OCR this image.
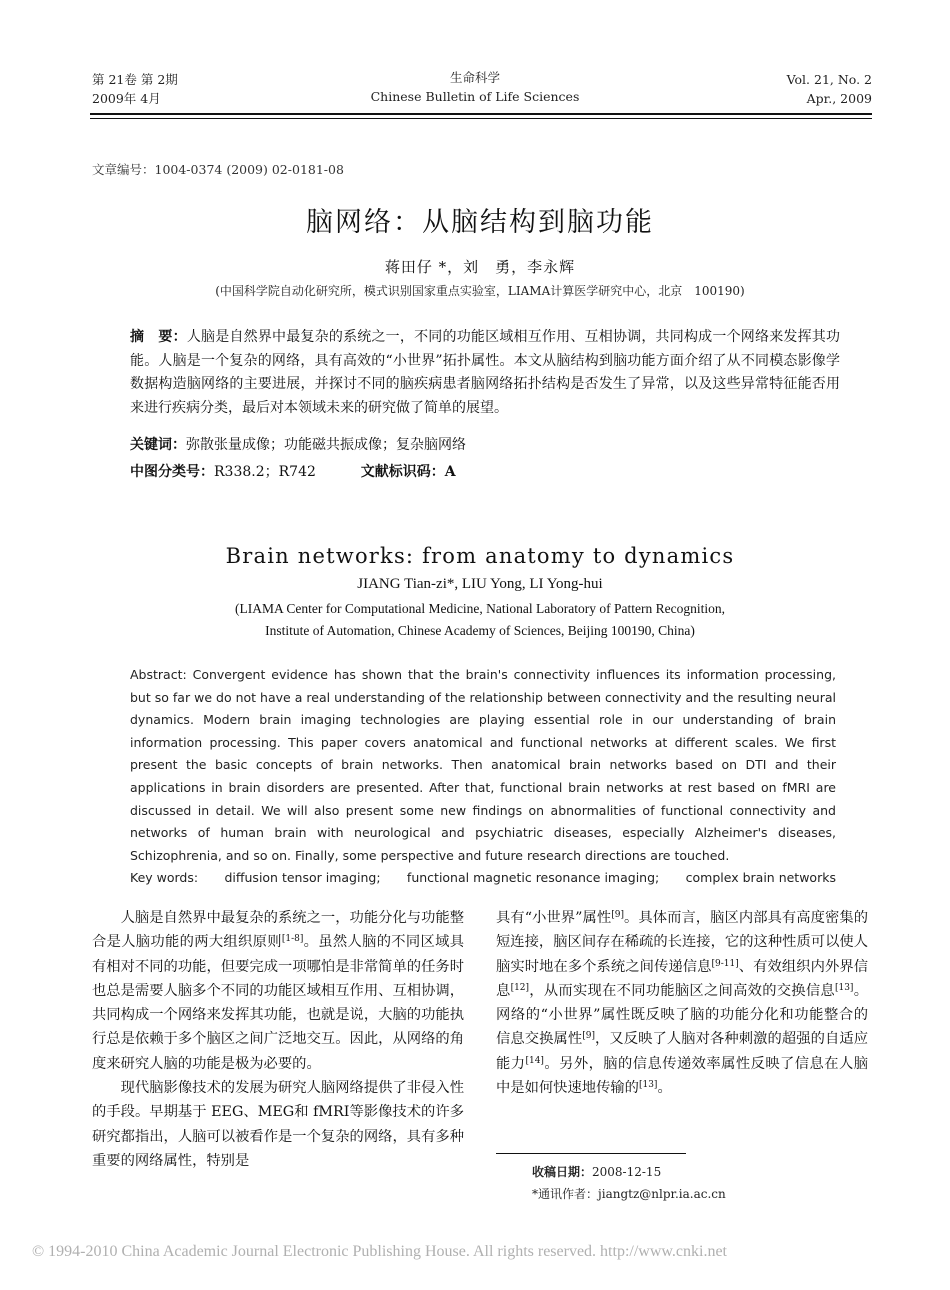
第 21卷 第 2期
2009年 4月
生命科学
Chinese Bulletin of Life Sciences
Vol. 21, No. 2
Apr., 2009
文章编号：1004-0374 (2009) 02-0181-08
脑网络：从脑结构到脑功能
蒋田仔 *，刘　勇，李永辉
(中国科学院自动化研究所，模式识别国家重点实验室，LIAMA计算医学研究中心，北京　100190)
摘　要：人脑是自然界中最复杂的系统之一，不同的功能区域相互作用、互相协调，共同构成一个网络来发挥其功能。人脑是一个复杂的网络，具有高效的“小世界”拓扑属性。本文从脑结构到脑功能方面介绍了从不同模态影像学数据构造脑网络的主要进展，并探讨不同的脑疾病患者脑网络拓扑结构是否发生了异常，以及这些异常特征能否用来进行疾病分类，最后对本领域未来的研究做了简单的展望。
关键词：弥散张量成像；功能磁共振成像；复杂脑网络
中图分类号：R338.2；R742	文献标识码：A
Brain networks: from anatomy to dynamics
JIANG Tian-zi*, LIU Yong, LI Yong-hui
(LIAMA Center for Computational Medicine, National Laboratory of Pattern Recognition,
Institute of Automation, Chinese Academy of Sciences, Beijing 100190, China)
Abstract: Convergent evidence has shown that the brain's connectivity influences its information processing, but so far we do not have a real understanding of the relationship between connectivity and the resulting neural dynamics. Modern brain imaging technologies are playing essential role in our understanding of brain information processing. This paper covers anatomical and functional networks at different scales. We first present the basic concepts of brain networks. Then anatomical brain networks based on DTI and their applications in brain disorders are presented. After that, functional brain networks at rest based on fMRI are discussed in detail. We will also present some new findings on abnormalities of functional connectivity and networks of human brain with neurological and psychiatric diseases, especially Alzheimer's diseases, Schizophrenia, and so on. Finally, some perspective and future research directions are touched.
Key words: diffusion tensor imaging; functional magnetic resonance imaging; complex brain networks

人脑是自然界中最复杂的系统之一，功能分化与功能整合是人脑功能的两大组织原则[1-8]。虽然人脑的不同区域具有相对不同的功能，但要完成一项哪怕是非常简单的任务时也总是需要人脑多个不同的功能区域相互作用、互相协调，共同构成一个网络来发挥其功能，也就是说，大脑的功能执行总是依赖于多个脑区之间广泛地交互。因此，从网络的角度来研究人脑的功能是极为必要的。

现代脑影像技术的发展为研究人脑网络提供了非侵入性的手段。早期基于 EEG、MEG和 fMRI等影像技术的许多研究都指出，人脑可以被看作是一个复杂的网络，具有多种重要的网络属性，特别是

具有“小世界”属性[9]。具体而言，脑区内部具有高度密集的短连接，脑区间存在稀疏的长连接，它的这种性质可以使人脑实时地在多个系统之间传递信息[9-11]、有效组织内外界信息[12]，从而实现在不同功能脑区之间高效的交换信息[13]。网络的“小世界”属性既反映了脑的功能分化和功能整合的信息交换属性[9]，又反映了人脑对各种刺激的超强的自适应能力[14]。另外，脑的信息传递效率属性反映了信息在人脑中是如何快速地传输的[13]。

收稿日期：2008-12-15
*通讯作者：jiangtz@nlpr.ia.ac.cn
© 1994-2010 China Academic Journal Electronic Publishing House. All rights reserved. http://www.cnki.net
